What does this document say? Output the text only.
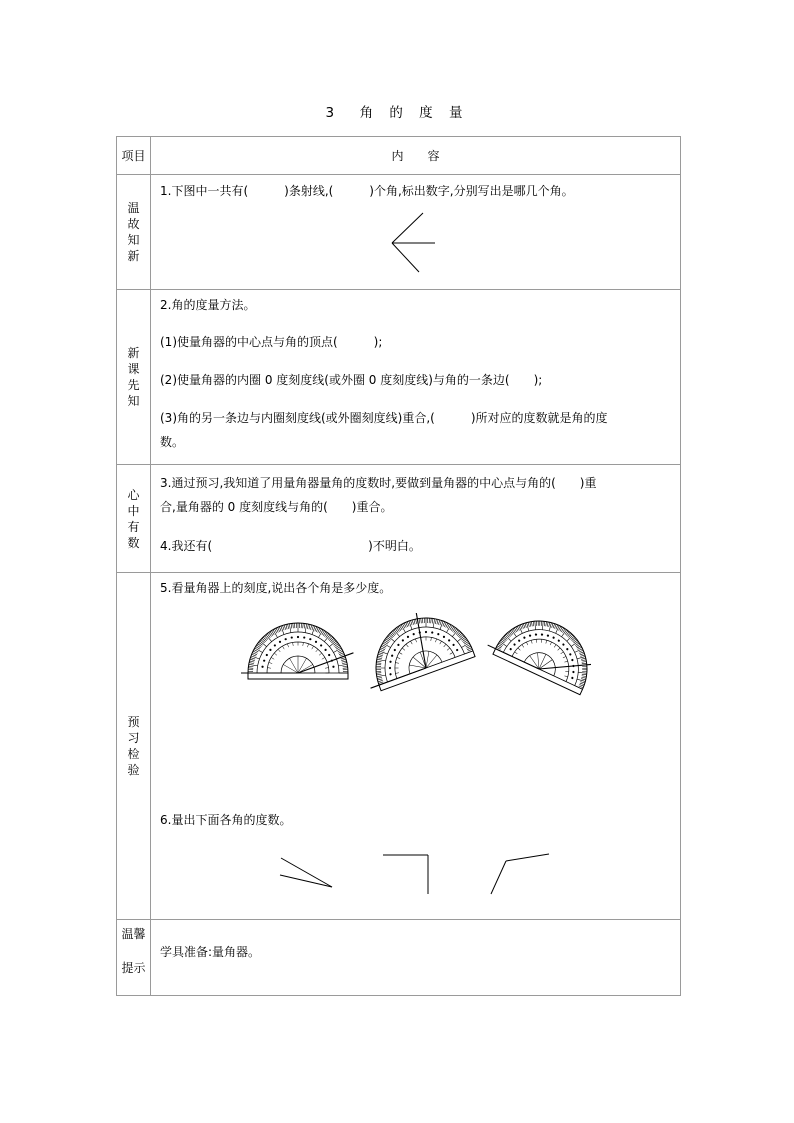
3　角 的 度 量
项目	内　　容
温故知新	1.下图中一共有(　　　)条射线,(　　　)个角,标出数字,分别写出是哪几个角。

新课先知	2.角的度量方法。
(1)使量角器的中心点与角的顶点(　　　);
(2)使量角器的内圈 0 度刻度线(或外圈 0 度刻度线)与角的一条边(　　);
(3)角的另一条边与内圈刻度线(或外圈刻度线)重合,(　　　)所对应的度数就是角的度
数。

心中有数	3.通过预习,我知道了用量角器量角的度数时,要做到量角器的中心点与角的(　　)重
合,量角器的 0 度刻度线与角的(　　)重合。
4.我还有(　　　　　　　　　　　　　)不明白。

预习检验	5.看量角器上的刻度,说出各个角是多少度。
6.量出下面各角的度数。

温馨
提示	学具准备:量角器。
